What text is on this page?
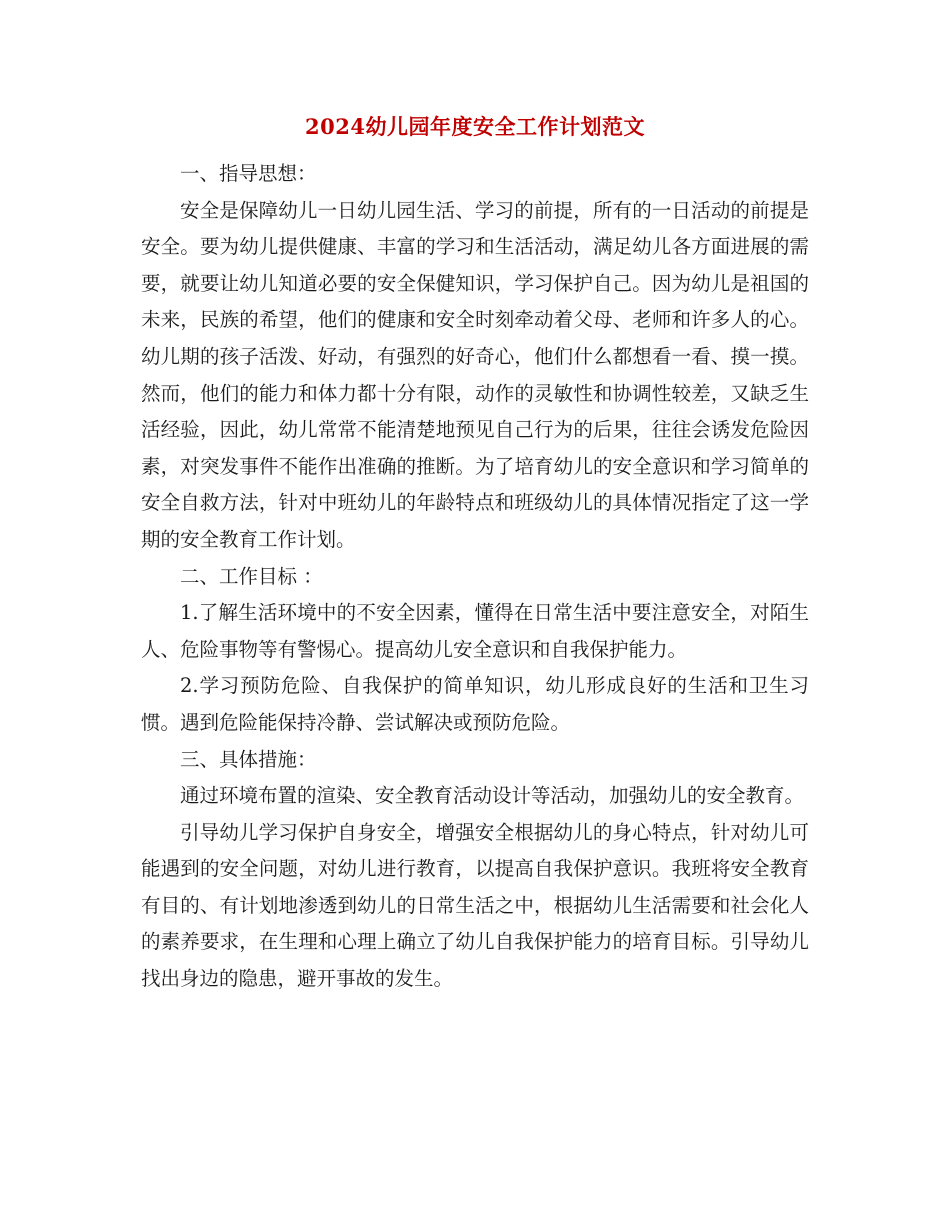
2024幼儿园年度安全工作计划范文

一、指导思想：

安全是保障幼儿一日幼儿园生活、学习的前提，所有的一日活动的前提是安全。要为幼儿提供健康、丰富的学习和生活活动，满足幼儿各方面进展的需要，就要让幼儿知道必要的安全保健知识，学习保护自己。因为幼儿是祖国的未来，民族的希望，他们的健康和安全时刻牵动着父母、老师和许多人的心。 幼儿期的孩子活泼、好动，有强烈的好奇心，他们什么都想看一看、摸一摸。然而，他们的能力和体力都十分有限，动作的灵敏性和协调性较差，又缺乏生活经验，因此，幼儿常常不能清楚地预见自己行为的后果，往往会诱发危险因素，对突发事件不能作出准确的推断。为了培育幼儿的安全意识和学习简单的安全自救方法，针对中班幼儿的年龄特点和班级幼儿的具体情况指定了这一学期的安全教育工作计划。

二、工作目标 ：

1.了解生活环境中的不安全因素，懂得在日常生活中要注意安全，对陌生人、危险事物等有警惕心。提高幼儿安全意识和自我保护能力。

2.学习预防危险、自我保护的简单知识，幼儿形成良好的生活和卫生习惯。遇到危险能保持冷静、尝试解决或预防危险。

三、具体措施：

通过环境布置的渲染、安全教育活动设计等活动，加强幼儿的安全教育。

引导幼儿学习保护自身安全，增强安全根据幼儿的身心特点，针对幼儿可能遇到的安全问题，对幼儿进行教育，以提高自我保护意识。我班将安全教育有目的、有计划地渗透到幼儿的日常生活之中，根据幼儿生活需要和社会化人的素养要求，在生理和心理上确立了幼儿自我保护能力的培育目标。引导幼儿找出身边的隐患，避开事故的发生。
